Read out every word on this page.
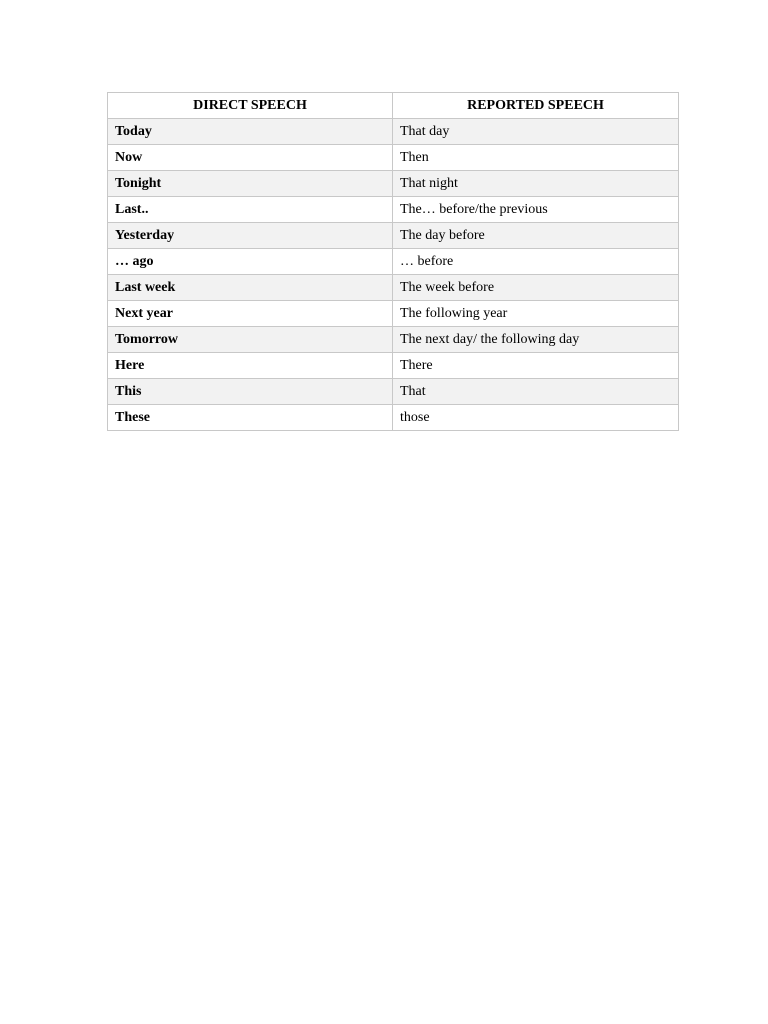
DIRECT SPEECH	REPORTED SPEECH
Today	That day
Now	Then
Tonight	That night
Last..	The… before/the previous
Yesterday	The day before
… ago	… before
Last week	The week before
Next year	The following year
Tomorrow	The next day/ the following day
Here	There
This	That
These	those
